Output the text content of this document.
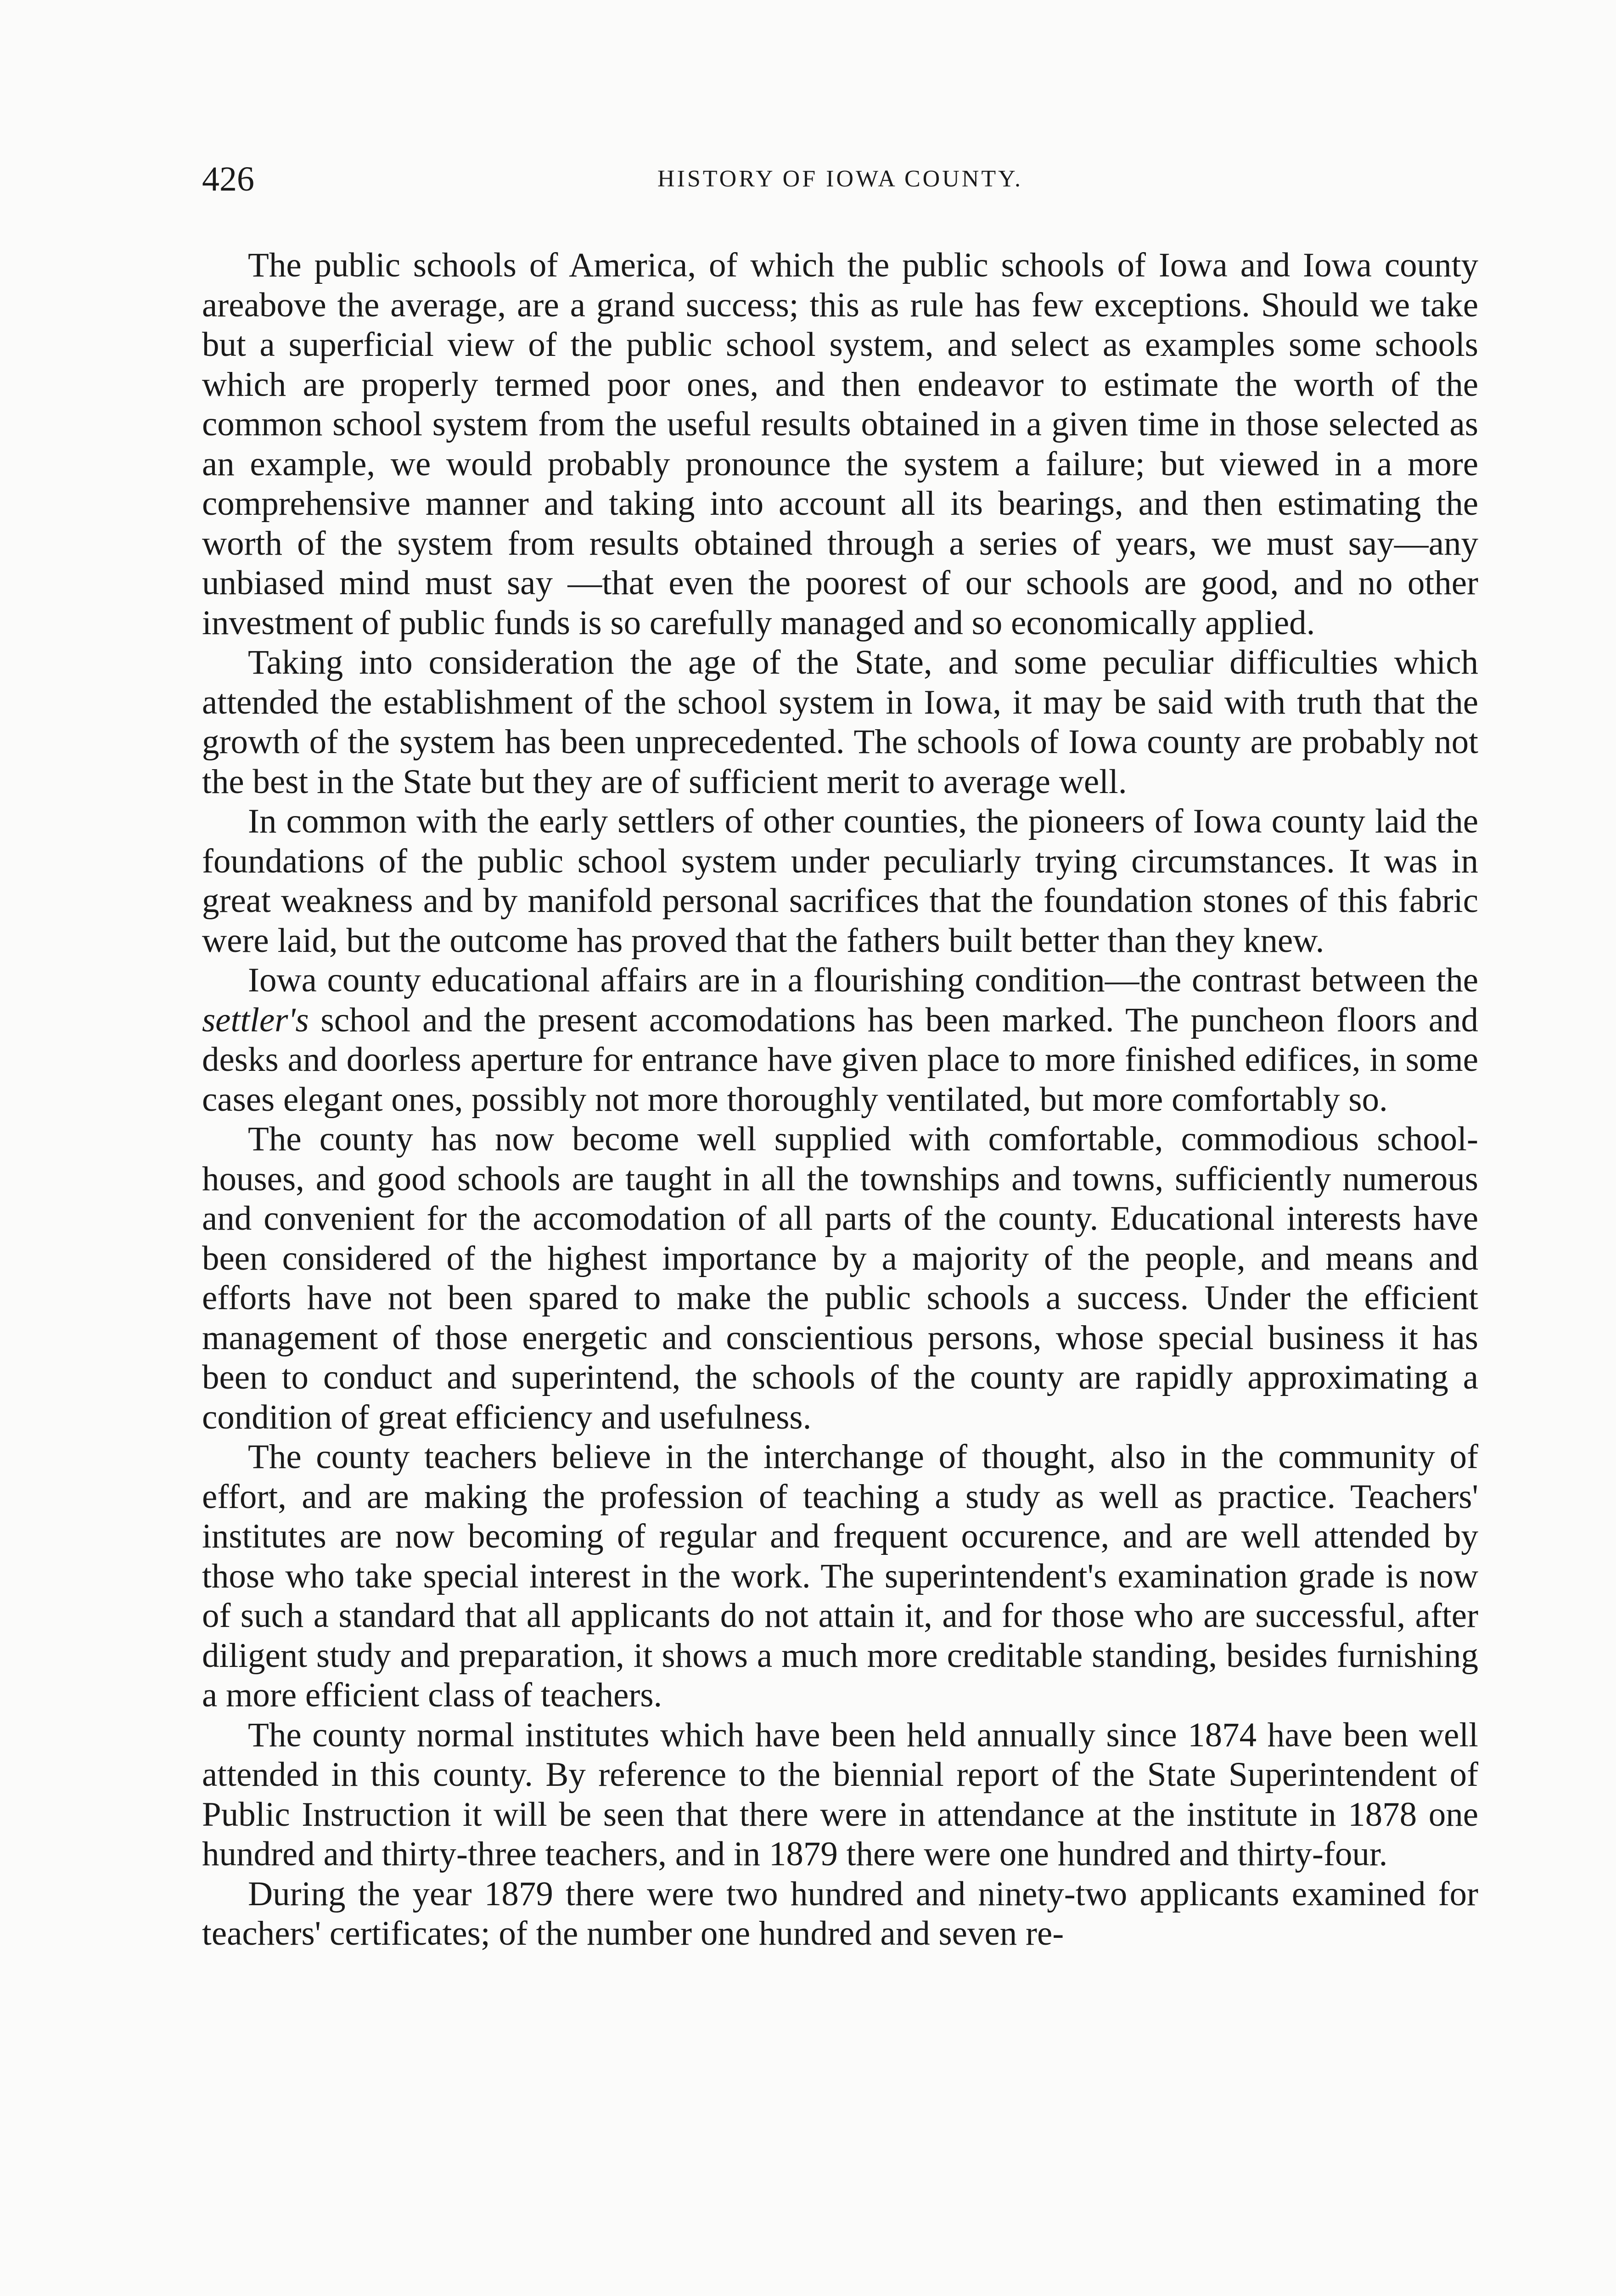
426	HISTORY OF IOWA COUNTY.

The public schools of America, of which the public schools of Iowa and Iowa county areabove the average, are a grand success; this as rule has few exceptions. Should we take but a superficial view of the public school system, and select as examples some schools which are properly termed poor ones, and then endeavor to estimate the worth of the common school system from the useful results obtained in a given time in those selected as an example, we would probably pronounce the system a failure; but viewed in a more comprehensive manner and taking into account all its bearings, and then estimating the worth of the system from results obtained through a series of years, we must say—any unbiased mind must say —that even the poorest of our schools are good, and no other investment of public funds is so carefully managed and so economically applied.

Taking into consideration the age of the State, and some peculiar difficulties which attended the establishment of the school system in Iowa, it may be said with truth that the growth of the system has been unprecedented. The schools of Iowa county are probably not the best in the State but they are of sufficient merit to average well.

In common with the early settlers of other counties, the pioneers of Iowa county laid the foundations of the public school system under peculiarly trying circumstances. It was in great weakness and by manifold personal sacrifices that the foundation stones of this fabric were laid, but the outcome has proved that the fathers built better than they knew.

Iowa county educational affairs are in a flourishing condition—the contrast between the settler's school and the present accomodations has been marked. The puncheon floors and desks and doorless aperture for entrance have given place to more finished edifices, in some cases elegant ones, possibly not more thoroughly ventilated, but more comfortably so.

The county has now become well supplied with comfortable, commodious school-houses, and good schools are taught in all the townships and towns, sufficiently numerous and convenient for the accomodation of all parts of the county. Educational interests have been considered of the highest importance by a majority of the people, and means and efforts have not been spared to make the public schools a success. Under the efficient management of those energetic and conscientious persons, whose special business it has been to conduct and superintend, the schools of the county are rapidly approximating a condition of great efficiency and usefulness.

The county teachers believe in the interchange of thought, also in the community of effort, and are making the profession of teaching a study as well as practice. Teachers' institutes are now becoming of regular and frequent occurence, and are well attended by those who take special interest in the work. The superintendent's examination grade is now of such a standard that all applicants do not attain it, and for those who are successful, after diligent study and preparation, it shows a much more creditable standing, besides furnishing a more efficient class of teachers.

The county normal institutes which have been held annually since 1874 have been well attended in this county. By reference to the biennial report of the State Superintendent of Public Instruction it will be seen that there were in attendance at the institute in 1878 one hundred and thirty-three teachers, and in 1879 there were one hundred and thirty-four.

During the year 1879 there were two hundred and ninety-two applicants examined for teachers' certificates; of the number one hundred and seven re-
